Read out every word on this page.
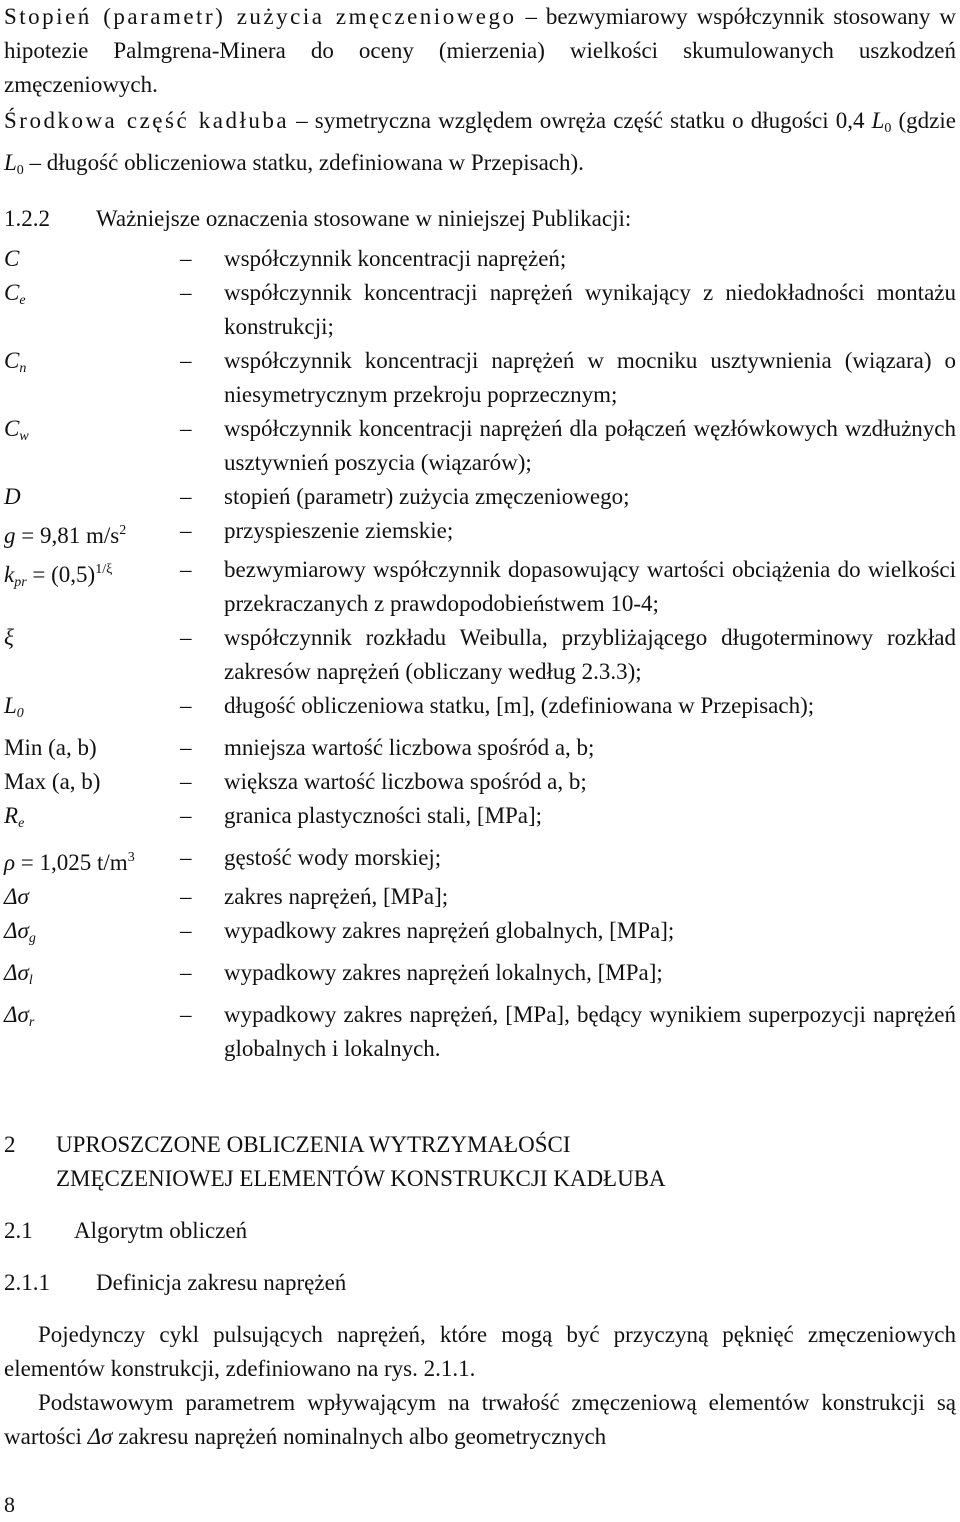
Stopień (parametr) zużycia zmęczeniowego – bezwymiarowy współczynnik stosowany w hipotezie Palmgrena-Minera do oceny (mierzenia) wielkości skumulowanych uszkodzeń zmęczeniowych.

Środkowa część kadłuba – symetryczna względem owręża część statku o długości 0,4 $L_0$ (gdzie $L_0$ – długość obliczeniowa statku, zdefiniowana w Przepisach).

1.2.2 Ważniejsze oznaczenia stosowane w niniejszej Publikacji:

C	–	współczynnik koncentracji naprężeń;
$C_e$	–	współczynnik koncentracji naprężeń wynikający z niedokładności montażu konstrukcji;
$C_n$	–	współczynnik koncentracji naprężeń w mocniku usztywnienia (wiązara) o niesymetrycznym przekroju poprzecznym;
$C_w$	–	współczynnik koncentracji naprężeń dla połączeń węzłówkowych wzdłużnych usztywnień poszycia (wiązarów);
D	–	stopień (parametr) zużycia zmęczeniowego;
g = 9,81 $m/s^2$	–	przyspieszenie ziemskie;
$k_{pr} = (0,5)^{1/\xi}$	–	bezwymiarowy współczynnik dopasowujący wartości obciążenia do wielkości przekraczanych z prawdopodobieństwem 10-4;
ξ	–	współczynnik rozkładu Weibulla, przybliżającego długoterminowy rozkład zakresów naprężeń (obliczany według 2.3.3);
$L_0$	–	długość obliczeniowa statku, [m], (zdefiniowana w Przepisach);
Min (a, b)	–	mniejsza wartość liczbowa spośród a, b;
Max (a, b)	–	większa wartość liczbowa spośród a, b;
$R_e$	–	granica plastyczności stali, [MPa];
ρ = 1,025 $t/m^3$	–	gęstość wody morskiej;
Δσ	–	zakres naprężeń, [MPa];
$\Delta\sigma_g$	–	wypadkowy zakres naprężeń globalnych, [MPa];
$\Delta\sigma_l$	–	wypadkowy zakres naprężeń lokalnych, [MPa];
$\Delta\sigma_r$	–	wypadkowy zakres naprężeń, [MPa], będący wynikiem superpozycji naprężeń globalnych i lokalnych.
2 UPROSZCZONE OBLICZENIA WYTRZYMAŁOŚCI
ZMĘCZENIOWEJ ELEMENTÓW KONSTRUKCJI KADŁUBA
2.1 Algorytm obliczeń
2.1.1 Definicja zakresu naprężeń

Pojedynczy cykl pulsujących naprężeń, które mogą być przyczyną pęknięć zmęczeniowych elementów konstrukcji, zdefiniowano na rys. 2.1.1.

Podstawowym parametrem wpływającym na trwałość zmęczeniową elementów konstrukcji są wartości Δσ zakresu naprężeń nominalnych albo geometrycznych

8
